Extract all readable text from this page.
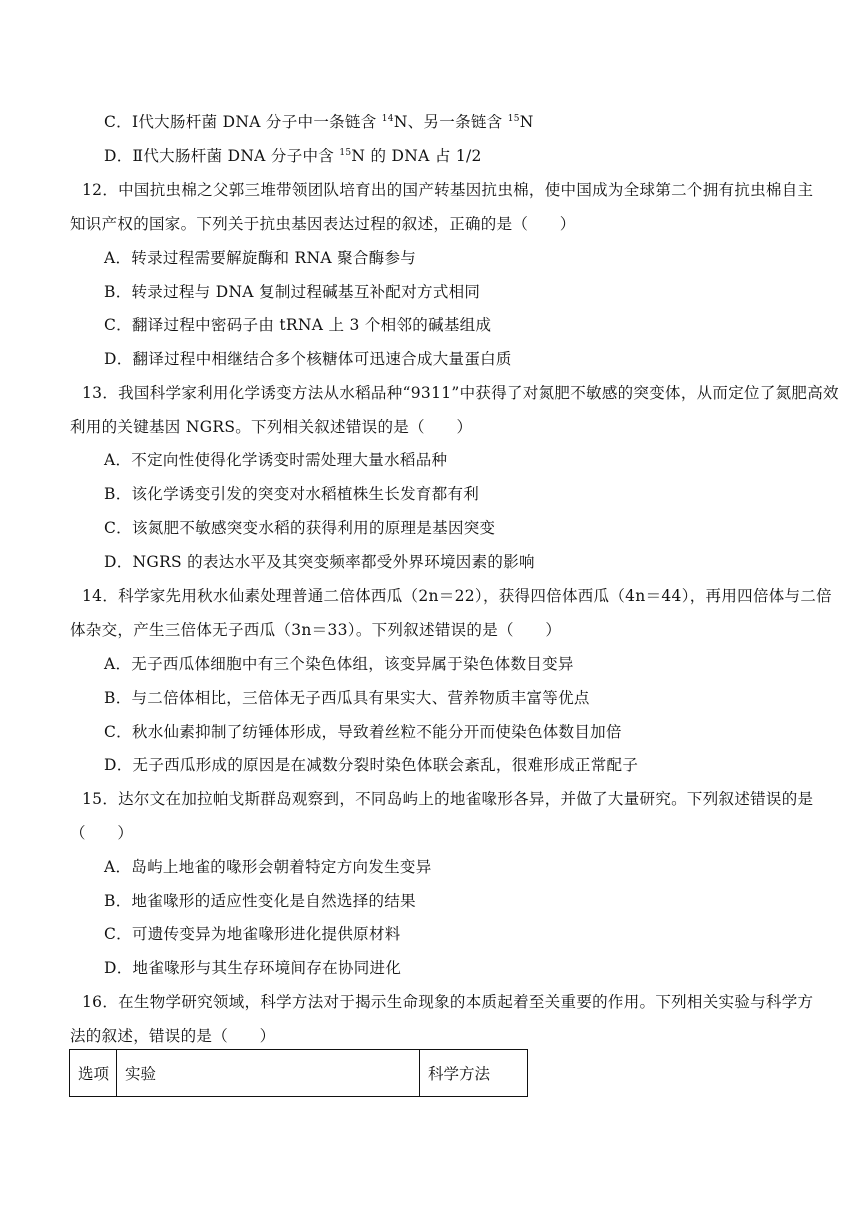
C．Ⅰ代大肠杆菌 DNA 分子中一条链含 $^{14}$N、另一条链含 $^{15}$N
D．Ⅱ代大肠杆菌 DNA 分子中含 $^{15}$N 的 DNA 占 1/2
12．中国抗虫棉之父郭三堆带领团队培育出的国产转基因抗虫棉，使中国成为全球第二个拥有抗虫棉自主
知识产权的国家。下列关于抗虫基因表达过程的叙述，正确的是（　　）
A．转录过程需要解旋酶和 RNA 聚合酶参与
B．转录过程与 DNA 复制过程碱基互补配对方式相同
C．翻译过程中密码子由 tRNA 上 3 个相邻的碱基组成
D．翻译过程中相继结合多个核糖体可迅速合成大量蛋白质
13．我国科学家利用化学诱变方法从水稻品种“9311”中获得了对氮肥不敏感的突变体，从而定位了氮肥高效
利用的关键基因 NGRS。下列相关叙述错误的是（　　）
A．不定向性使得化学诱变时需处理大量水稻品种
B．该化学诱变引发的突变对水稻植株生长发育都有利
C．该氮肥不敏感突变水稻的获得利用的原理是基因突变
D．NGRS 的表达水平及其突变频率都受外界环境因素的影响
14．科学家先用秋水仙素处理普通二倍体西瓜（2n＝22），获得四倍体西瓜（4n＝44），再用四倍体与二倍
体杂交，产生三倍体无子西瓜（3n＝33）。下列叙述错误的是（　　）
A．无子西瓜体细胞中有三个染色体组，该变异属于染色体数目变异
B．与二倍体相比，三倍体无子西瓜具有果实大、营养物质丰富等优点
C．秋水仙素抑制了纺锤体形成，导致着丝粒不能分开而使染色体数目加倍
D．无子西瓜形成的原因是在减数分裂时染色体联会紊乱，很难形成正常配子
15．达尔文在加拉帕戈斯群岛观察到，不同岛屿上的地雀喙形各异，并做了大量研究。下列叙述错误的是
（　　）
A．岛屿上地雀的喙形会朝着特定方向发生变异
B．地雀喙形的适应性变化是自然选择的结果
C．可遗传变异为地雀喙形进化提供原材料
D．地雀喙形与其生存环境间存在协同进化
16．在生物学研究领域，科学方法对于揭示生命现象的本质起着至关重要的作用。下列相关实验与科学方
法的叙述，错误的是（　　）
选项	实验	科学方法
